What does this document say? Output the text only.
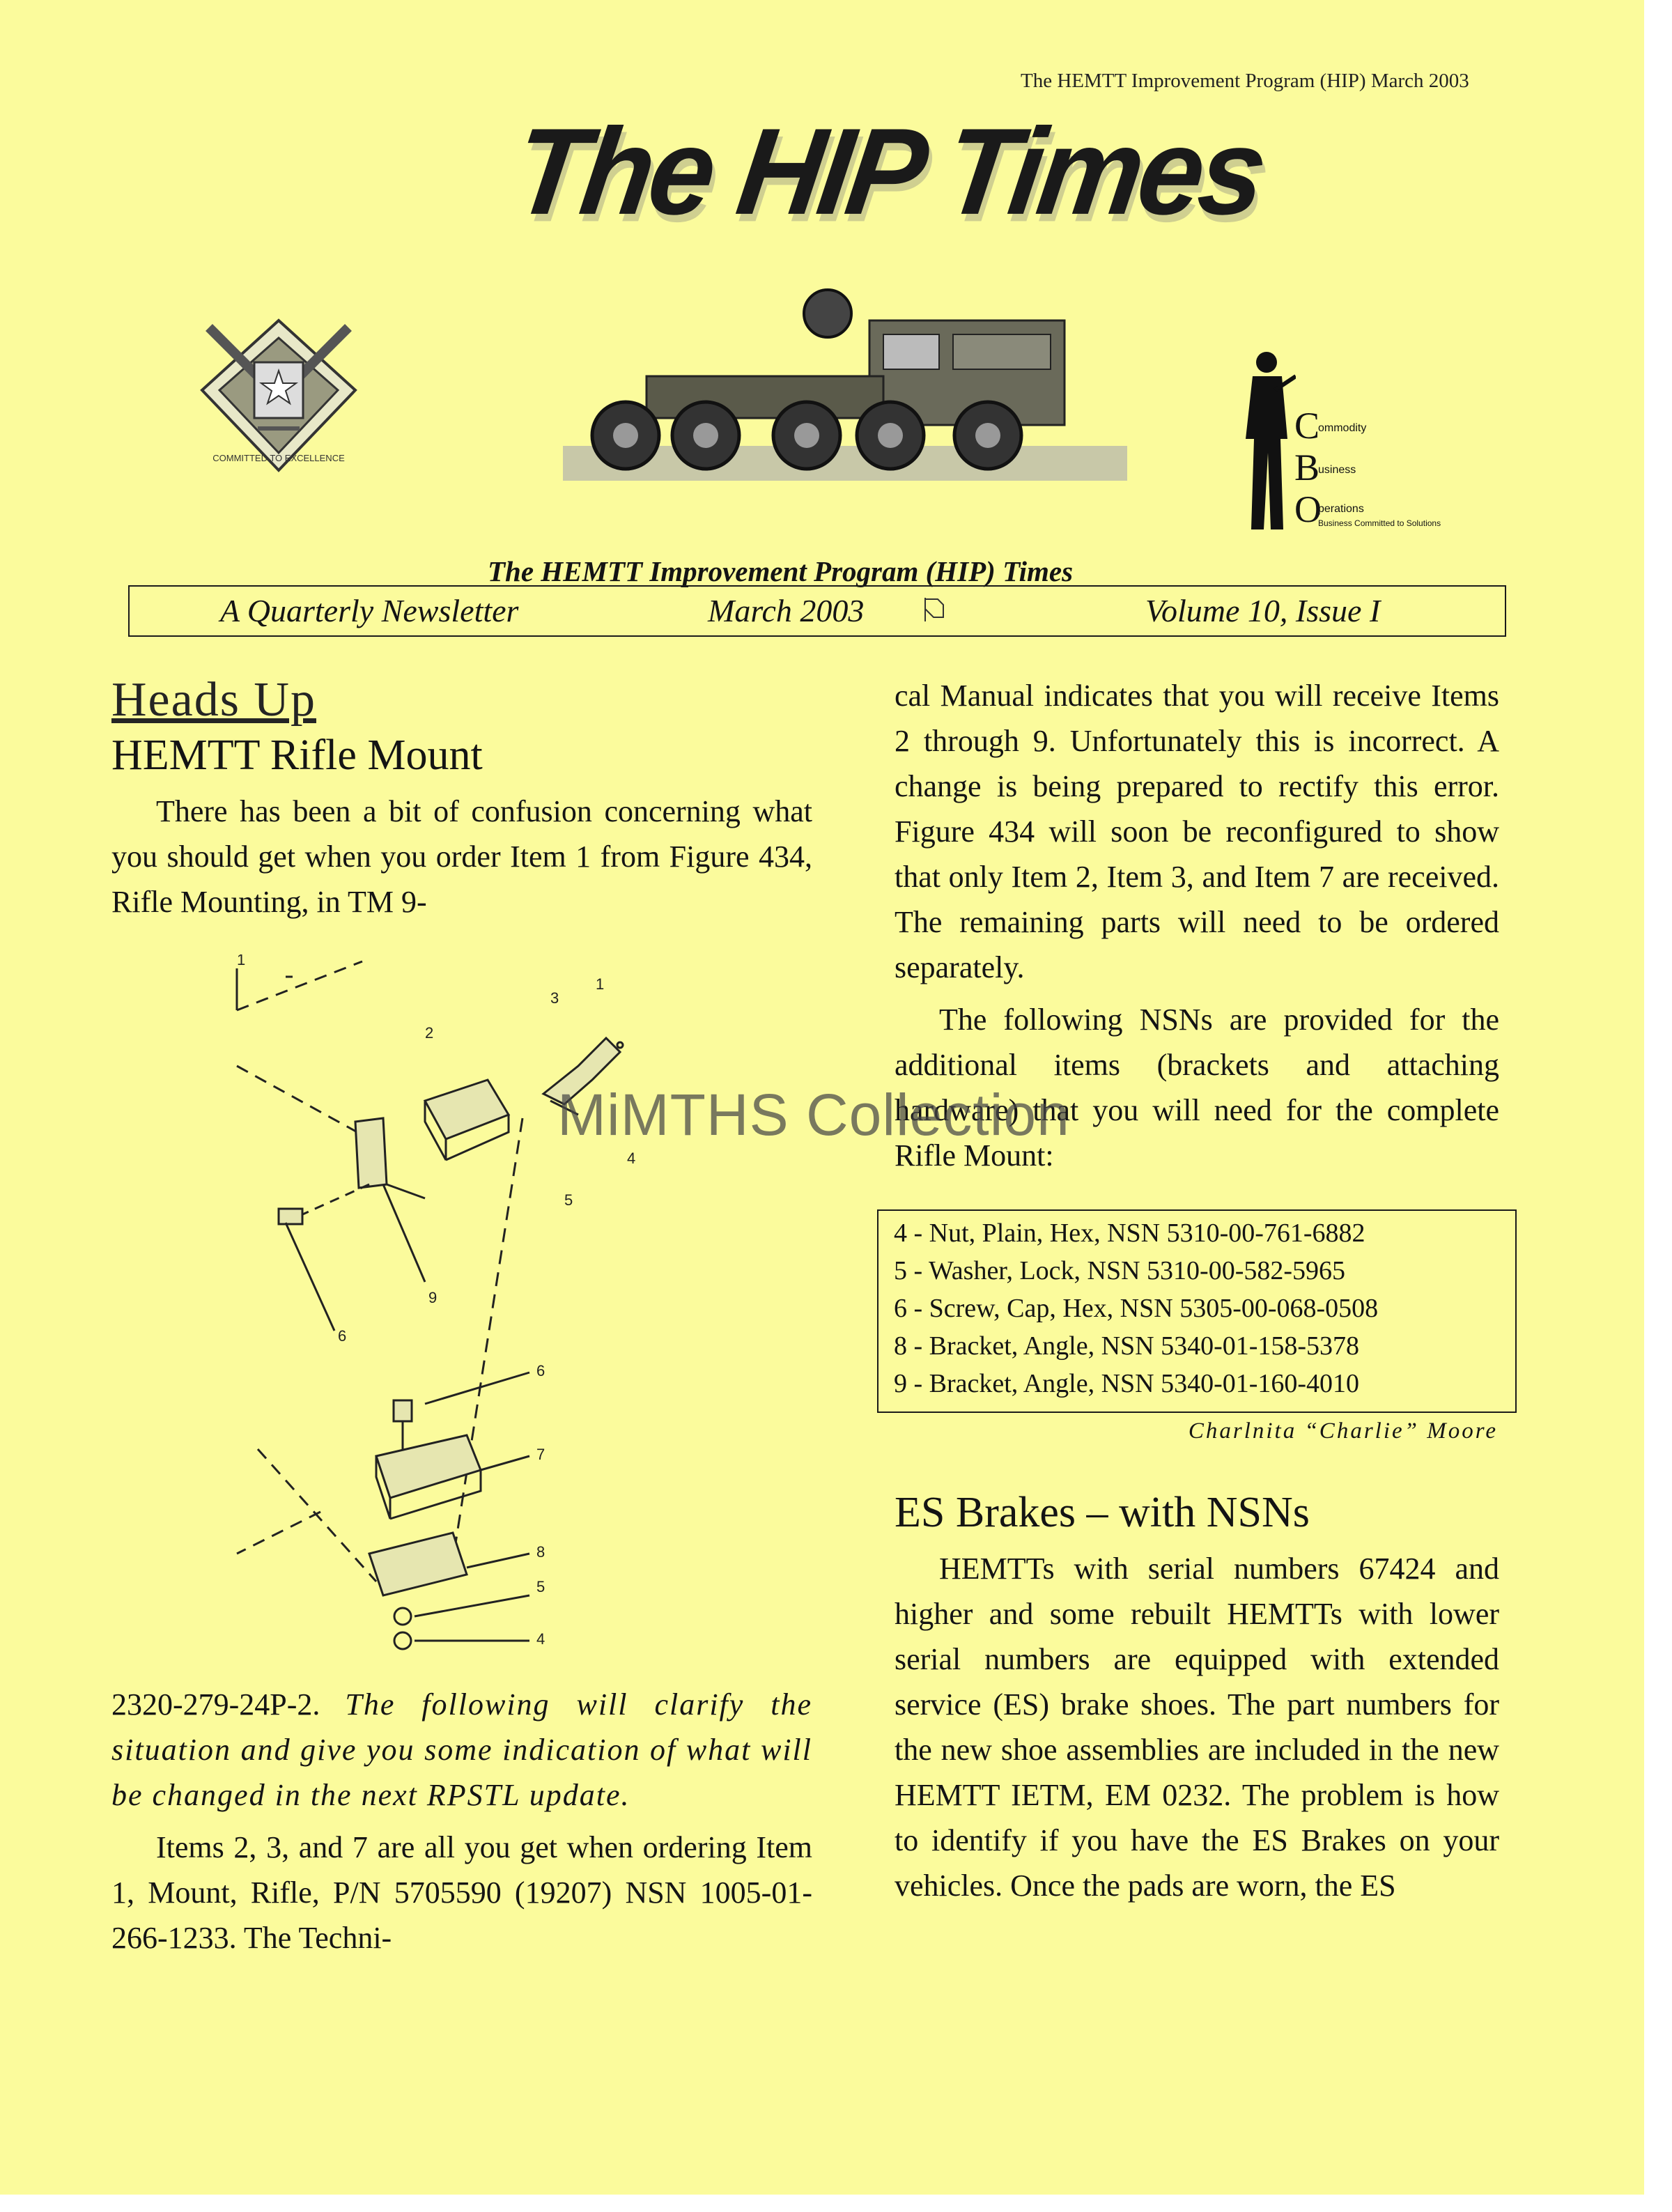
The HEMTT Improvement Program (HIP) March 2003
The HIP Times
COMMITTED TO EXCELLENCE
C
B
O
ommodity
usiness
perations
Business Committed to Solutions
The HEMTT Improvement Program (HIP) Times
A Quarterly Newsletter	March 2003	Volume 10, Issue I
Heads Up
HEMTT Rifle Mount

There has been a bit of confusion concerning what you should get when you order Item 1 from Figure 434, Rifle Mounting, in TM 9-

1
1
2
3
4
5
9
6
6
7
8
5
4

2320-279-24P-2. The following will clarify the situation and give you some indication of what will be changed in the next RPSTL update.

Items 2, 3, and 7 are all you get when ordering Item 1, Mount, Rifle, P/N 5705590 (19207) NSN 1005-01-266-1233. The Techni-

cal Manual indicates that you will receive Items 2 through 9. Unfortunately this is incorrect. A change is being prepared to rectify this error. Figure 434 will soon be reconfigured to show that only Item 2, Item 3, and Item 7 are received. The remaining parts will need to be ordered separately.

The following NSNs are provided for the additional items (brackets and attaching hardware) that you will need for the complete Rifle Mount:

4 - Nut, Plain, Hex, NSN 5310-00-761-6882
5 - Washer, Lock, NSN 5310-00-582-5965
6 - Screw, Cap, Hex, NSN 5305-00-068-0508
8 - Bracket, Angle, NSN 5340-01-158-5378
9 - Bracket, Angle, NSN 5340-01-160-4010
Charlnita “Charlie” Moore
ES Brakes – with NSNs

HEMTTs with serial numbers 67424 and higher and some rebuilt HEMTTs with lower serial numbers are equipped with extended service (ES) brake shoes. The part numbers for the new shoe assemblies are included in the new HEMTT IETM, EM 0232. The problem is how to identify if you have the ES Brakes on your vehicles. Once the pads are worn, the ES

MiMTHS Collection
